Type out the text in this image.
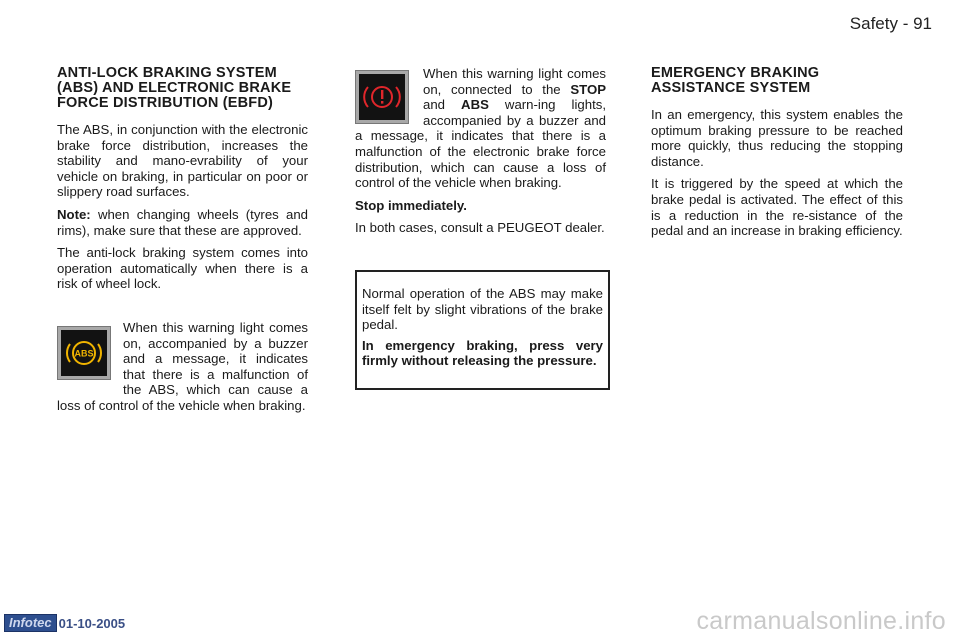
Safety - 91
ANTI-LOCK BRAKING SYSTEM (ABS) AND ELECTRONIC BRAKE FORCE DISTRIBUTION (EBFD)

The ABS, in conjunction with the electronic brake force distribution, increases the stability and mano-evrability of your vehicle on braking, in particular on poor or slippery road surfaces.

Note: when changing wheels (tyres and rims), make sure that these are approved.

The anti-lock braking system comes into operation automatically when there is a risk of wheel lock.

ABS
When this warning light comes on, accompanied by a buzzer and a message, it indicates that there is a malfunction of the ABS, which can cause a loss of control of the vehicle when braking.

When this warning light comes on, connected to the STOP and ABS warn-ing lights, accompanied by a buzzer and a message, it indicates that there is a malfunction of the electronic brake force distribution, which can cause a loss of control of the vehicle when braking.

Stop immediately.

In both cases, consult a PEUGEOT dealer.

Normal operation of the ABS may make itself felt by slight vibrations of the brake pedal.

In emergency braking, press very firmly without releasing the pressure.

EMERGENCY BRAKING ASSISTANCE SYSTEM

In an emergency, this system enables the optimum braking pressure to be reached more quickly, thus reducing the stopping distance.

It is triggered by the speed at which the brake pedal is activated. The effect of this is a reduction in the re-sistance of the pedal and an increase in braking efficiency.

Infotec 01-10-2005	carmanualsonline.info
